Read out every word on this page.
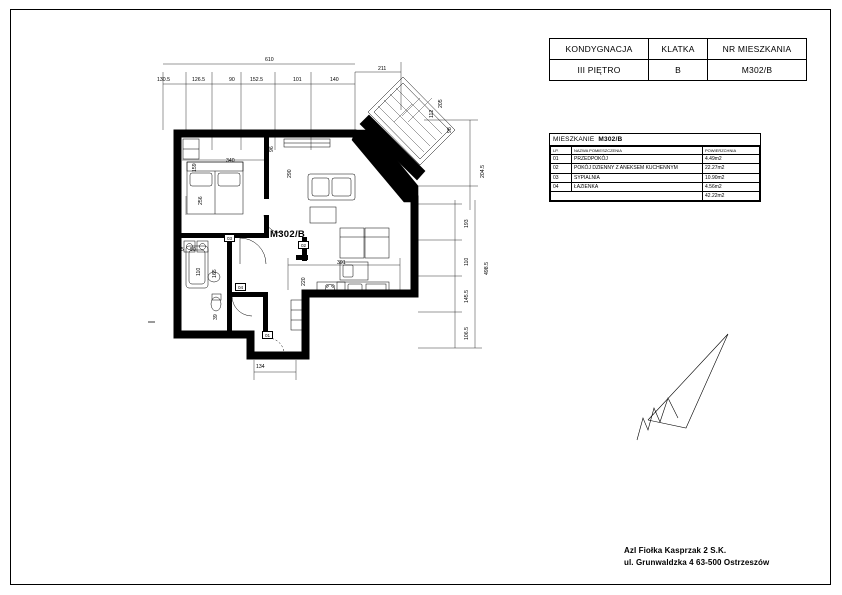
KONDYGNACJA	KLATKA	NR MIESZKANIA
III PIĘTRO	B	M302/B
MIESZKANIE M302/B
LP.	NAZWA POMIESZCZENIA	POWIERZCHNIA
01	PRZEDPOKÓJ	4.49m2
02	POKÓJ DZIENNY Z ANEKSEM KUCHENNYM	22.27m2
03	SYPIALNIA	10.90m2
04	ŁAZIENKA	4.56m2
		42.22m2
M302/B
01
02
03
04
610
211
130.5	126.5	90	152.5	101	140
204.5
193
110
498.5
145.5
106.5
205
112
98
340
256
159
110 165
96
290
391
39
134
220
55 90
AzI Fiołka Kasprzak 2 S.K.
ul. Grunwaldzka 4 63-500 Ostrzeszów
